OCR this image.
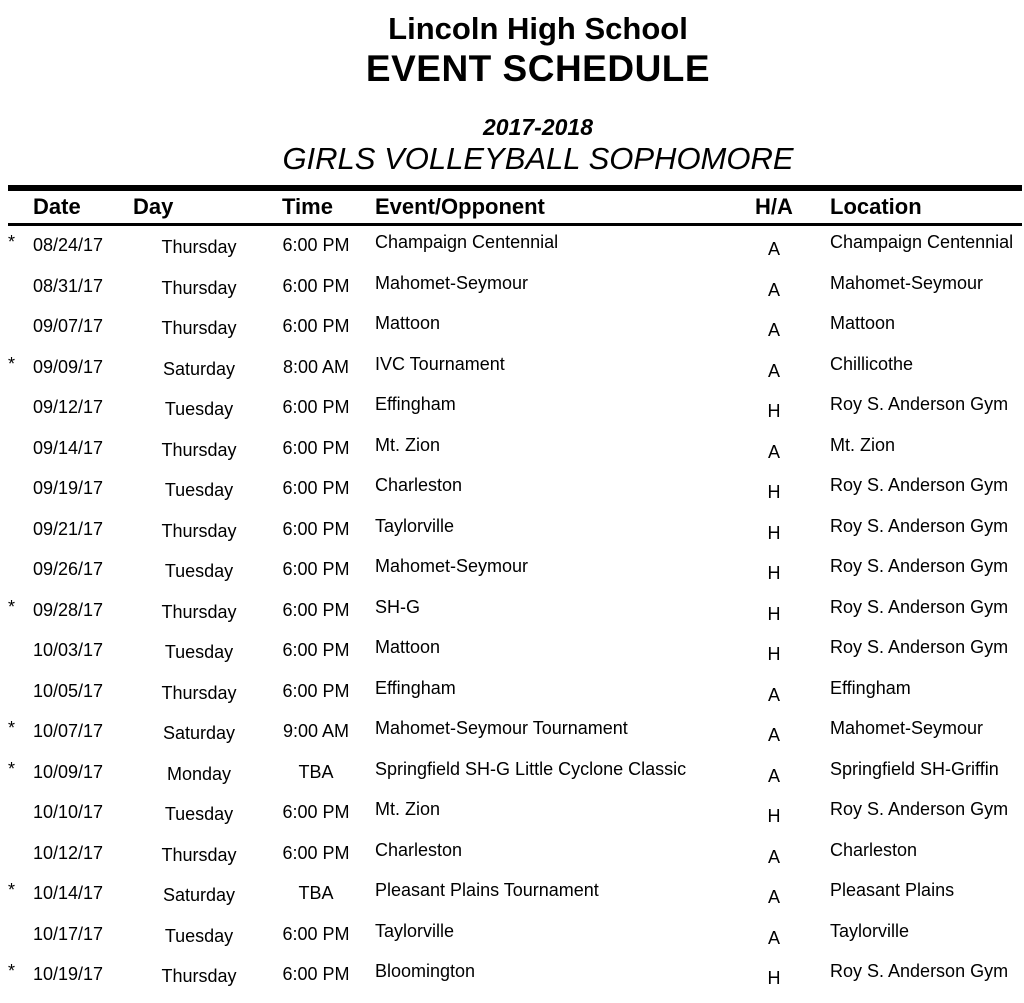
Lincoln High School
EVENT SCHEDULE
2017-2018
GIRLS VOLLEYBALL SOPHOMORE
Date	Day	Time	Event/Opponent	H/A	Location
* 08/24/17	Thursday	6:00 PM	Champaign Centennial	A	Champaign Centennial
08/31/17	Thursday	6:00 PM	Mahomet-Seymour	A	Mahomet-Seymour
09/07/17	Thursday	6:00 PM	Mattoon	A	Mattoon
* 09/09/17	Saturday	8:00 AM	IVC Tournament	A	Chillicothe
09/12/17	Tuesday	6:00 PM	Effingham	H	Roy S. Anderson Gym
09/14/17	Thursday	6:00 PM	Mt. Zion	A	Mt. Zion
09/19/17	Tuesday	6:00 PM	Charleston	H	Roy S. Anderson Gym
09/21/17	Thursday	6:00 PM	Taylorville	H	Roy S. Anderson Gym
09/26/17	Tuesday	6:00 PM	Mahomet-Seymour	H	Roy S. Anderson Gym
* 09/28/17	Thursday	6:00 PM	SH-G	H	Roy S. Anderson Gym
10/03/17	Tuesday	6:00 PM	Mattoon	H	Roy S. Anderson Gym
10/05/17	Thursday	6:00 PM	Effingham	A	Effingham
* 10/07/17	Saturday	9:00 AM	Mahomet-Seymour Tournament	A	Mahomet-Seymour
* 10/09/17	Monday	TBA	Springfield SH-G Little Cyclone Classic	A	Springfield SH-Griffin
10/10/17	Tuesday	6:00 PM	Mt. Zion	H	Roy S. Anderson Gym
10/12/17	Thursday	6:00 PM	Charleston	A	Charleston
* 10/14/17	Saturday	TBA	Pleasant Plains Tournament	A	Pleasant Plains
10/17/17	Tuesday	6:00 PM	Taylorville	A	Taylorville
* 10/19/17	Thursday	6:00 PM	Bloomington	H	Roy S. Anderson Gym
